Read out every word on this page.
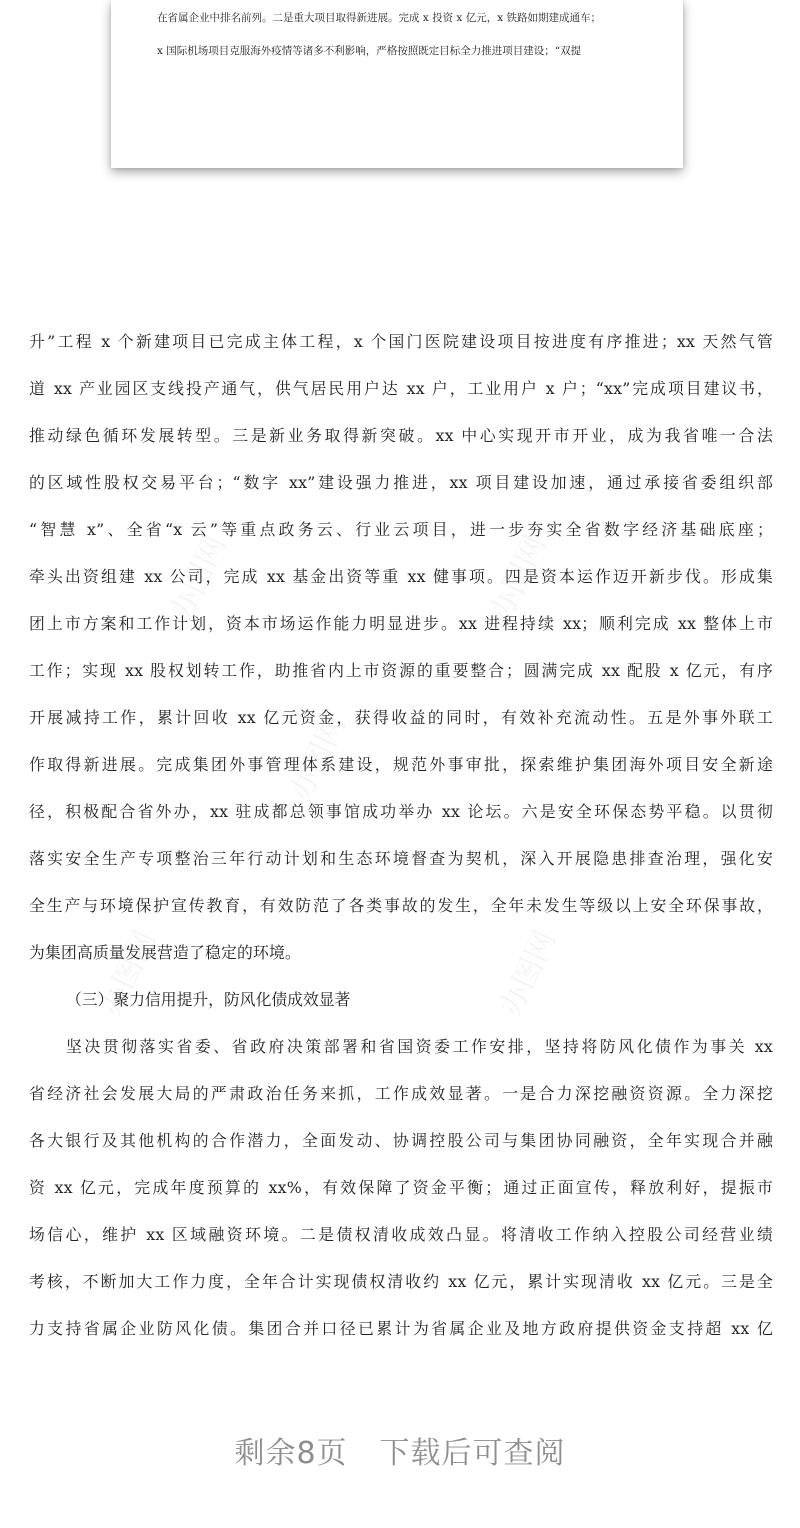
在省属企业中排名前列。二是重大项目取得新进展。完成 x 投资 x 亿元，x 铁路如期建成通车；

x 国际机场项目克服海外疫情等诸多不利影响，严格按照既定目标全力推进项目建设；“双提

升”工程 x 个新建项目已完成主体工程，x 个国门医院建设项目按进度有序推进；xx 天然气管

道 xx 产业园区支线投产通气，供气居民用户达 xx 户，工业用户 x 户；“xx”完成项目建议书，

推动绿色循环发展转型。三是新业务取得新突破。xx 中心实现开市开业，成为我省唯一合法

的区域性股权交易平台；“数字 xx”建设强力推进，xx 项目建设加速，通过承接省委组织部

“智慧 x”、全省“x 云”等重点政务云、行业云项目，进一步夯实全省数字经济基础底座；

牵头出资组建 xx 公司，完成 xx 基金出资等重 xx 健事项。四是资本运作迈开新步伐。形成集

团上市方案和工作计划，资本市场运作能力明显进步。xx 进程持续 xx；顺利完成 xx 整体上市

工作；实现 xx 股权划转工作，助推省内上市资源的重要整合；圆满完成 xx 配股 x 亿元，有序

开展减持工作，累计回收 xx 亿元资金，获得收益的同时，有效补充流动性。五是外事外联工

作取得新进展。完成集团外事管理体系建设，规范外事审批，探索维护集团海外项目安全新途

径，积极配合省外办，xx 驻成都总领事馆成功举办 xx 论坛。六是安全环保态势平稳。以贯彻

落实安全生产专项整治三年行动计划和生态环境督查为契机，深入开展隐患排查治理，强化安

全生产与环境保护宣传教育，有效防范了各类事故的发生，全年未发生等级以上安全环保事故，

为集团高质量发展营造了稳定的环境。

（三）聚力信用提升，防风化债成效显著

坚决贯彻落实省委、省政府决策部署和省国资委工作安排，坚持将防风化债作为事关 xx

省经济社会发展大局的严肃政治任务来抓，工作成效显著。一是合力深挖融资资源。全力深挖

各大银行及其他机构的合作潜力，全面发动、协调控股公司与集团协同融资，全年实现合并融

资 xx 亿元，完成年度预算的 xx%，有效保障了资金平衡；通过正面宣传，释放利好，提振市

场信心，维护 xx 区域融资环境。二是债权清收成效凸显。将清收工作纳入控股公司经营业绩

考核，不断加大工作力度，全年合计实现债权清收约 xx 亿元，累计实现清收 xx 亿元。三是全

力支持省属企业防风化债。集团合并口径已累计为省属企业及地方政府提供资金支持超 xx 亿

剩余8页 下载后可查阅
